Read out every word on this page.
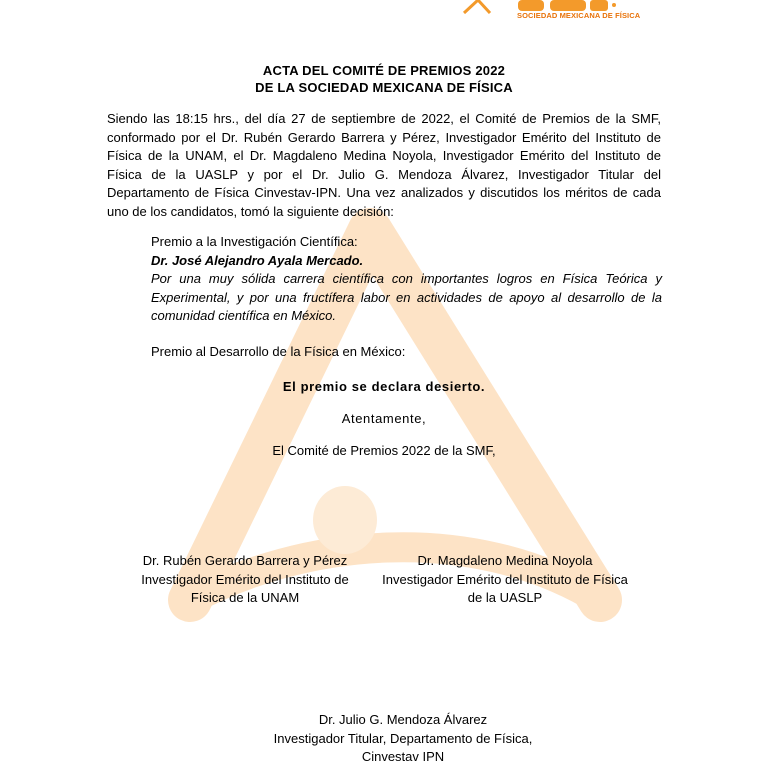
SOCIEDAD MEXICANA DE FÍSICA
ACTA DEL COMITÉ DE PREMIOS 2022
DE LA SOCIEDAD MEXICANA DE FÍSICA

Siendo las 18:15 hrs., del día 27 de septiembre de 2022, el Comité de Premios de la SMF, conformado por el Dr. Rubén Gerardo Barrera y Pérez, Investigador Emérito del Instituto de Física de la UNAM, el Dr. Magdaleno Medina Noyola, Investigador Emérito del Instituto de Física de la UASLP y por el Dr. Julio G. Mendoza Álvarez, Investigador Titular del Departamento de Física Cinvestav-IPN. Una vez analizados y discutidos los méritos de cada uno de los candidatos, tomó la siguiente decisión:

Premio a la Investigación Científica:
Dr. José Alejandro Ayala Mercado.
Por una muy sólida carrera científica con importantes logros en Física Teórica y Experimental, y por una fructífera labor en actividades de apoyo al desarrollo de la comunidad científica en México.
Premio al Desarrollo de la Física en México:
El premio se declara desierto.
Atentamente,
El Comité de Premios 2022 de la SMF,
Dr. Rubén Gerardo Barrera y Pérez
Investigador Emérito del Instituto de
Física de la UNAM
Dr. Magdaleno Medina Noyola
Investigador Emérito del Instituto de Física
de la UASLP
Dr. Julio G. Mendoza Álvarez
Investigador Titular, Departamento de Física,
Cinvestav IPN
